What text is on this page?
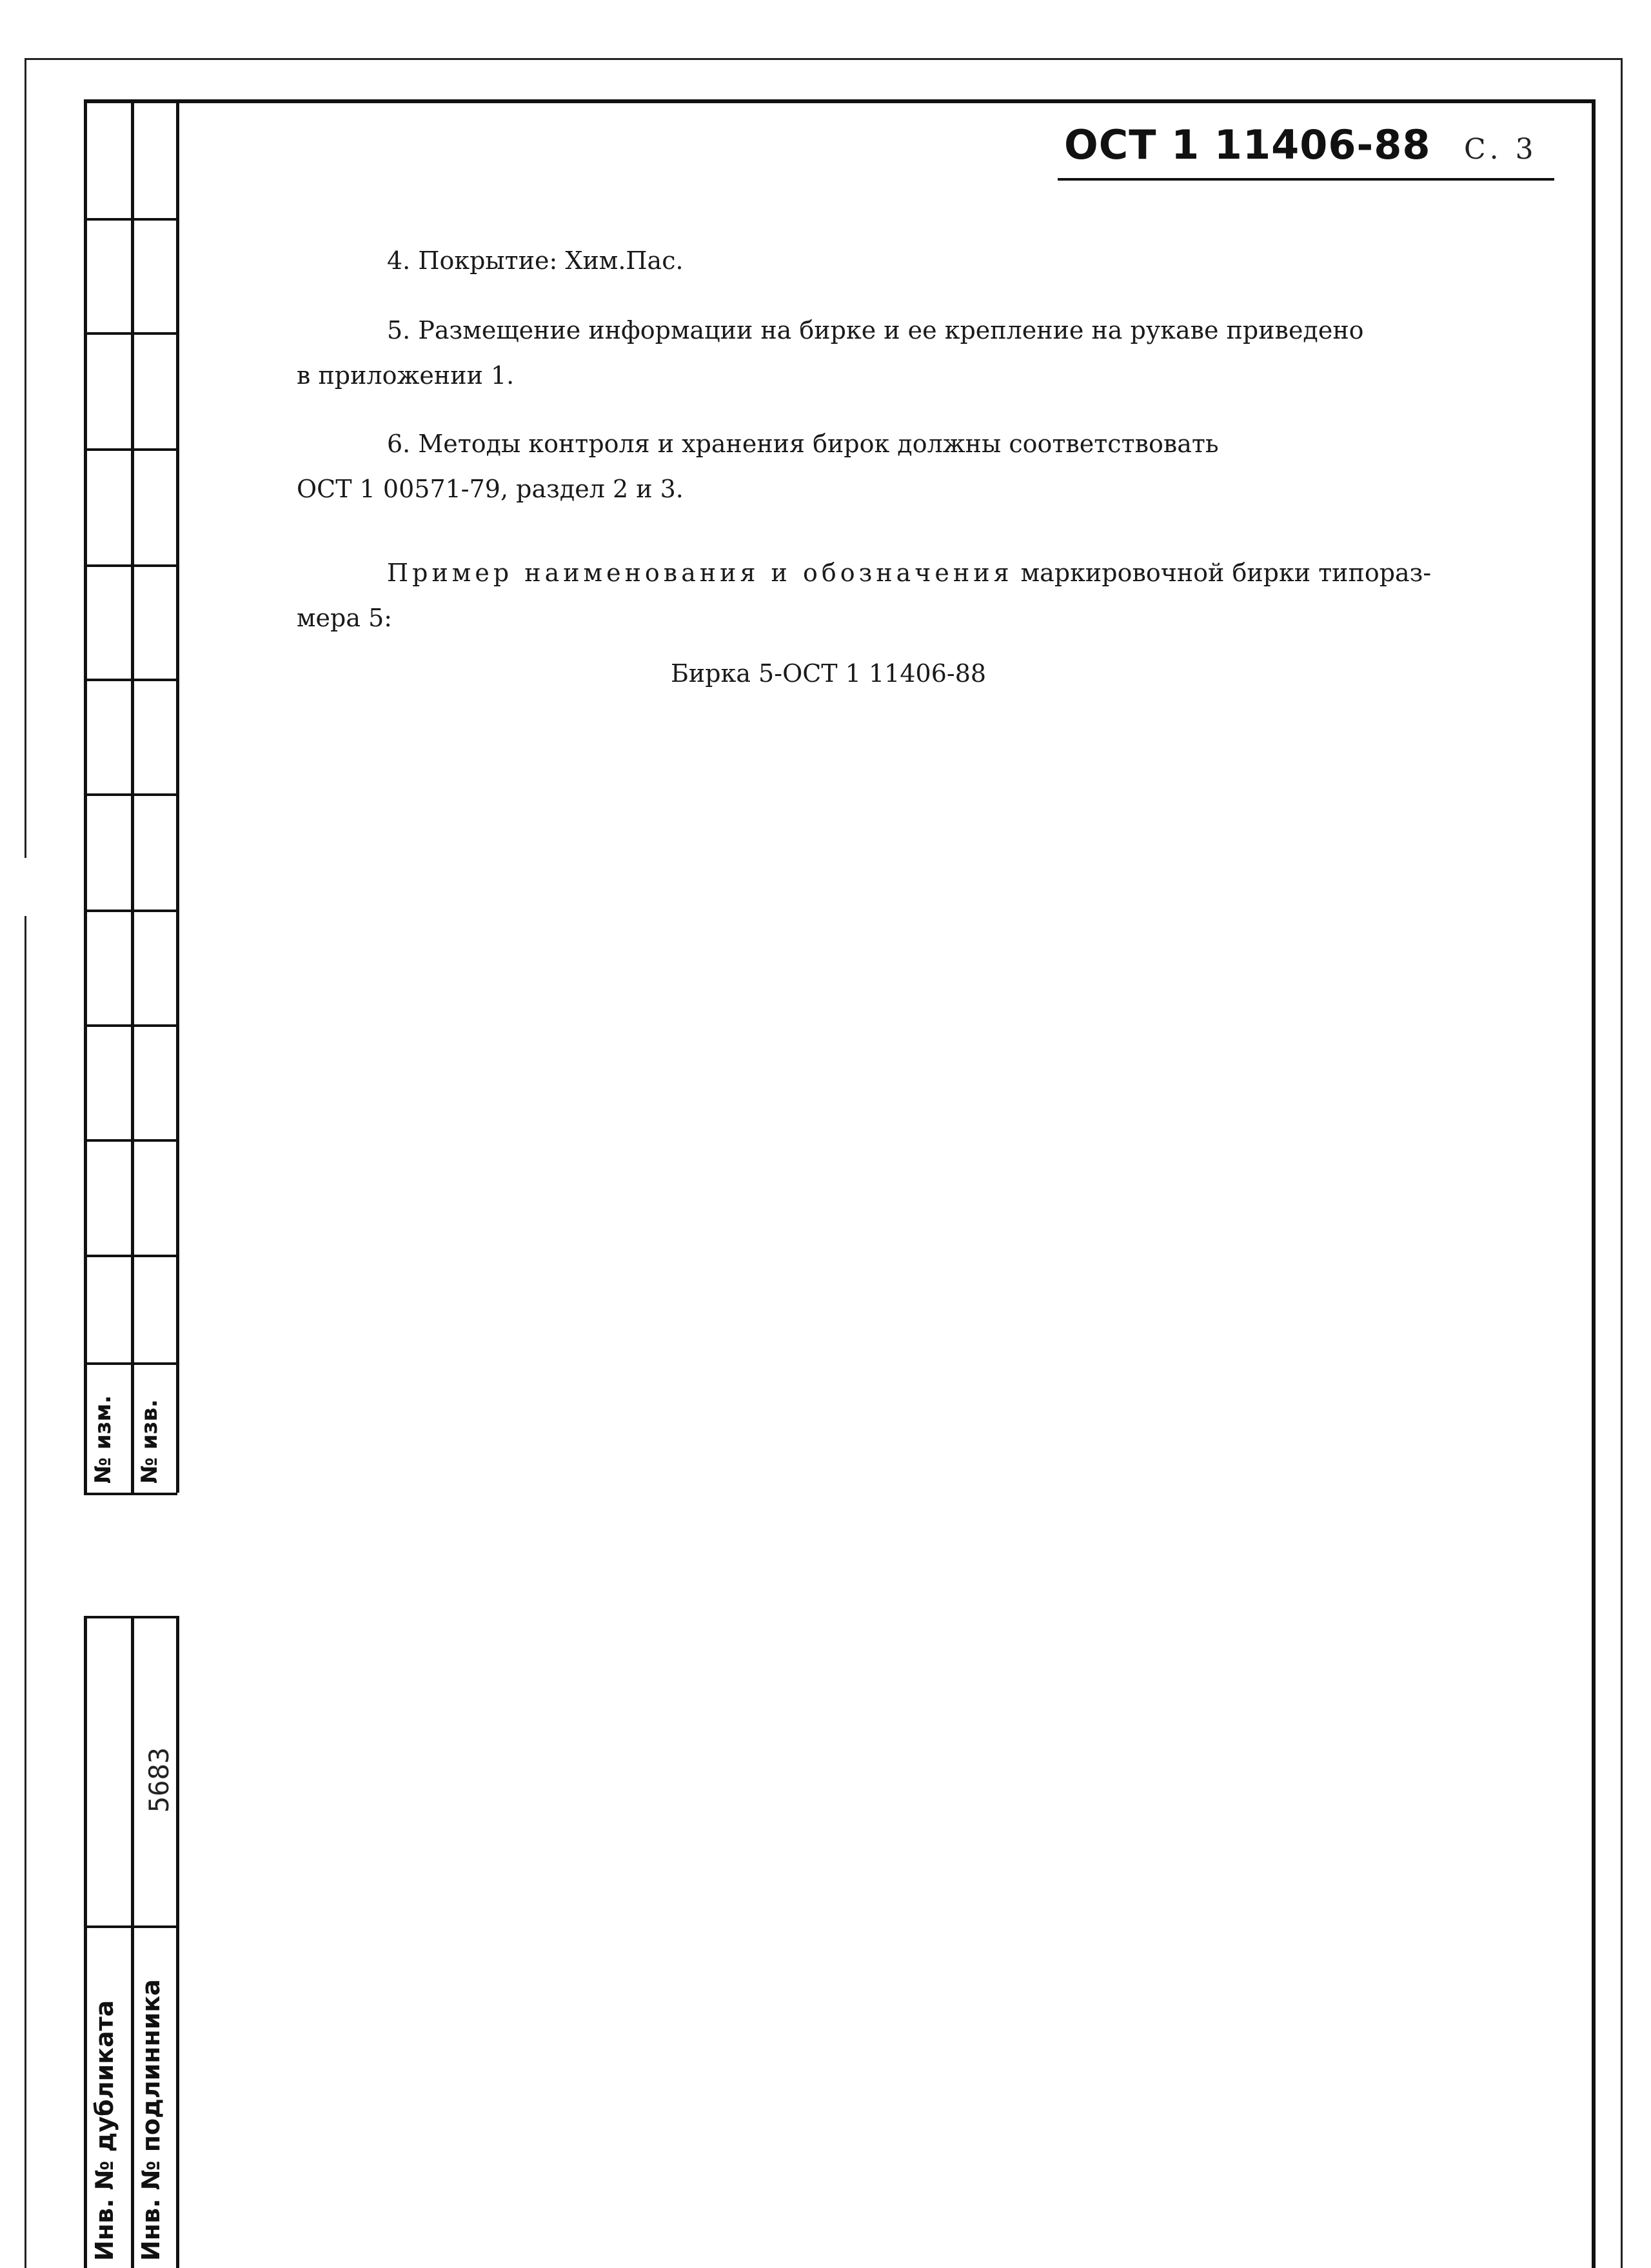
№ изм. № изв.
5683
Инв. № дубликата Инв. № подлинника
ОСТ 1 11406-88 С. 3
4. Покрытие: Хим.Пас.
5. Размещение информации на бирке и ее крепление на рукаве приведено
в приложении 1.
6. Методы контроля и хранения бирок должны соответствовать
ОСТ 1 00571-79, раздел 2 и 3.
Пример наименования и обозначения маркировочной бирки типораз-
мера 5:
Бирка 5-ОСТ 1 11406-88
